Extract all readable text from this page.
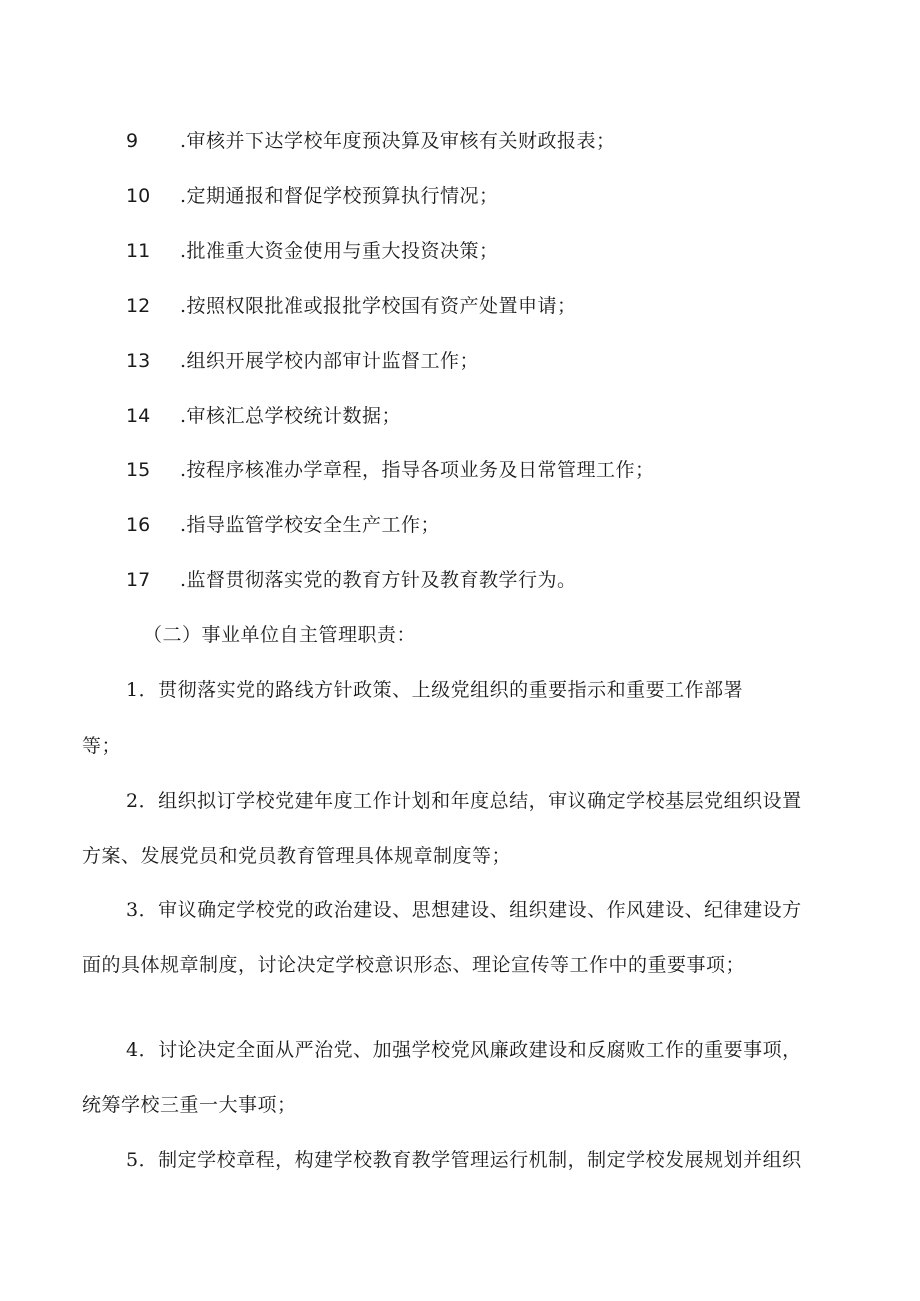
9 .审核并下达学校年度预决算及审核有关财政报表；
10 .定期通报和督促学校预算执行情况；
11 .批准重大资金使用与重大投资决策；
12 .按照权限批准或报批学校国有资产处置申请；
13 .组织开展学校内部审计监督工作；
14 .审核汇总学校统计数据；
15 .按程序核准办学章程，指导各项业务及日常管理工作；
16 .指导监管学校安全生产工作；
17 .监督贯彻落实党的教育方针及教育教学行为。
（二）事业单位自主管理职责：
1．贯彻落实党的路线方针政策、上级党组织的重要指示和重要工作部署
等；
2．组织拟订学校党建年度工作计划和年度总结，审议确定学校基层党组织设置
方案、发展党员和党员教育管理具体规章制度等；
3．审议确定学校党的政治建设、思想建设、组织建设、作风建设、纪律建设方
面的具体规章制度，讨论决定学校意识形态、理论宣传等工作中的重要事项；
4．讨论决定全面从严治党、加强学校党风廉政建设和反腐败工作的重要事项，
统筹学校三重一大事项；
5．制定学校章程，构建学校教育教学管理运行机制，制定学校发展规划并组织
